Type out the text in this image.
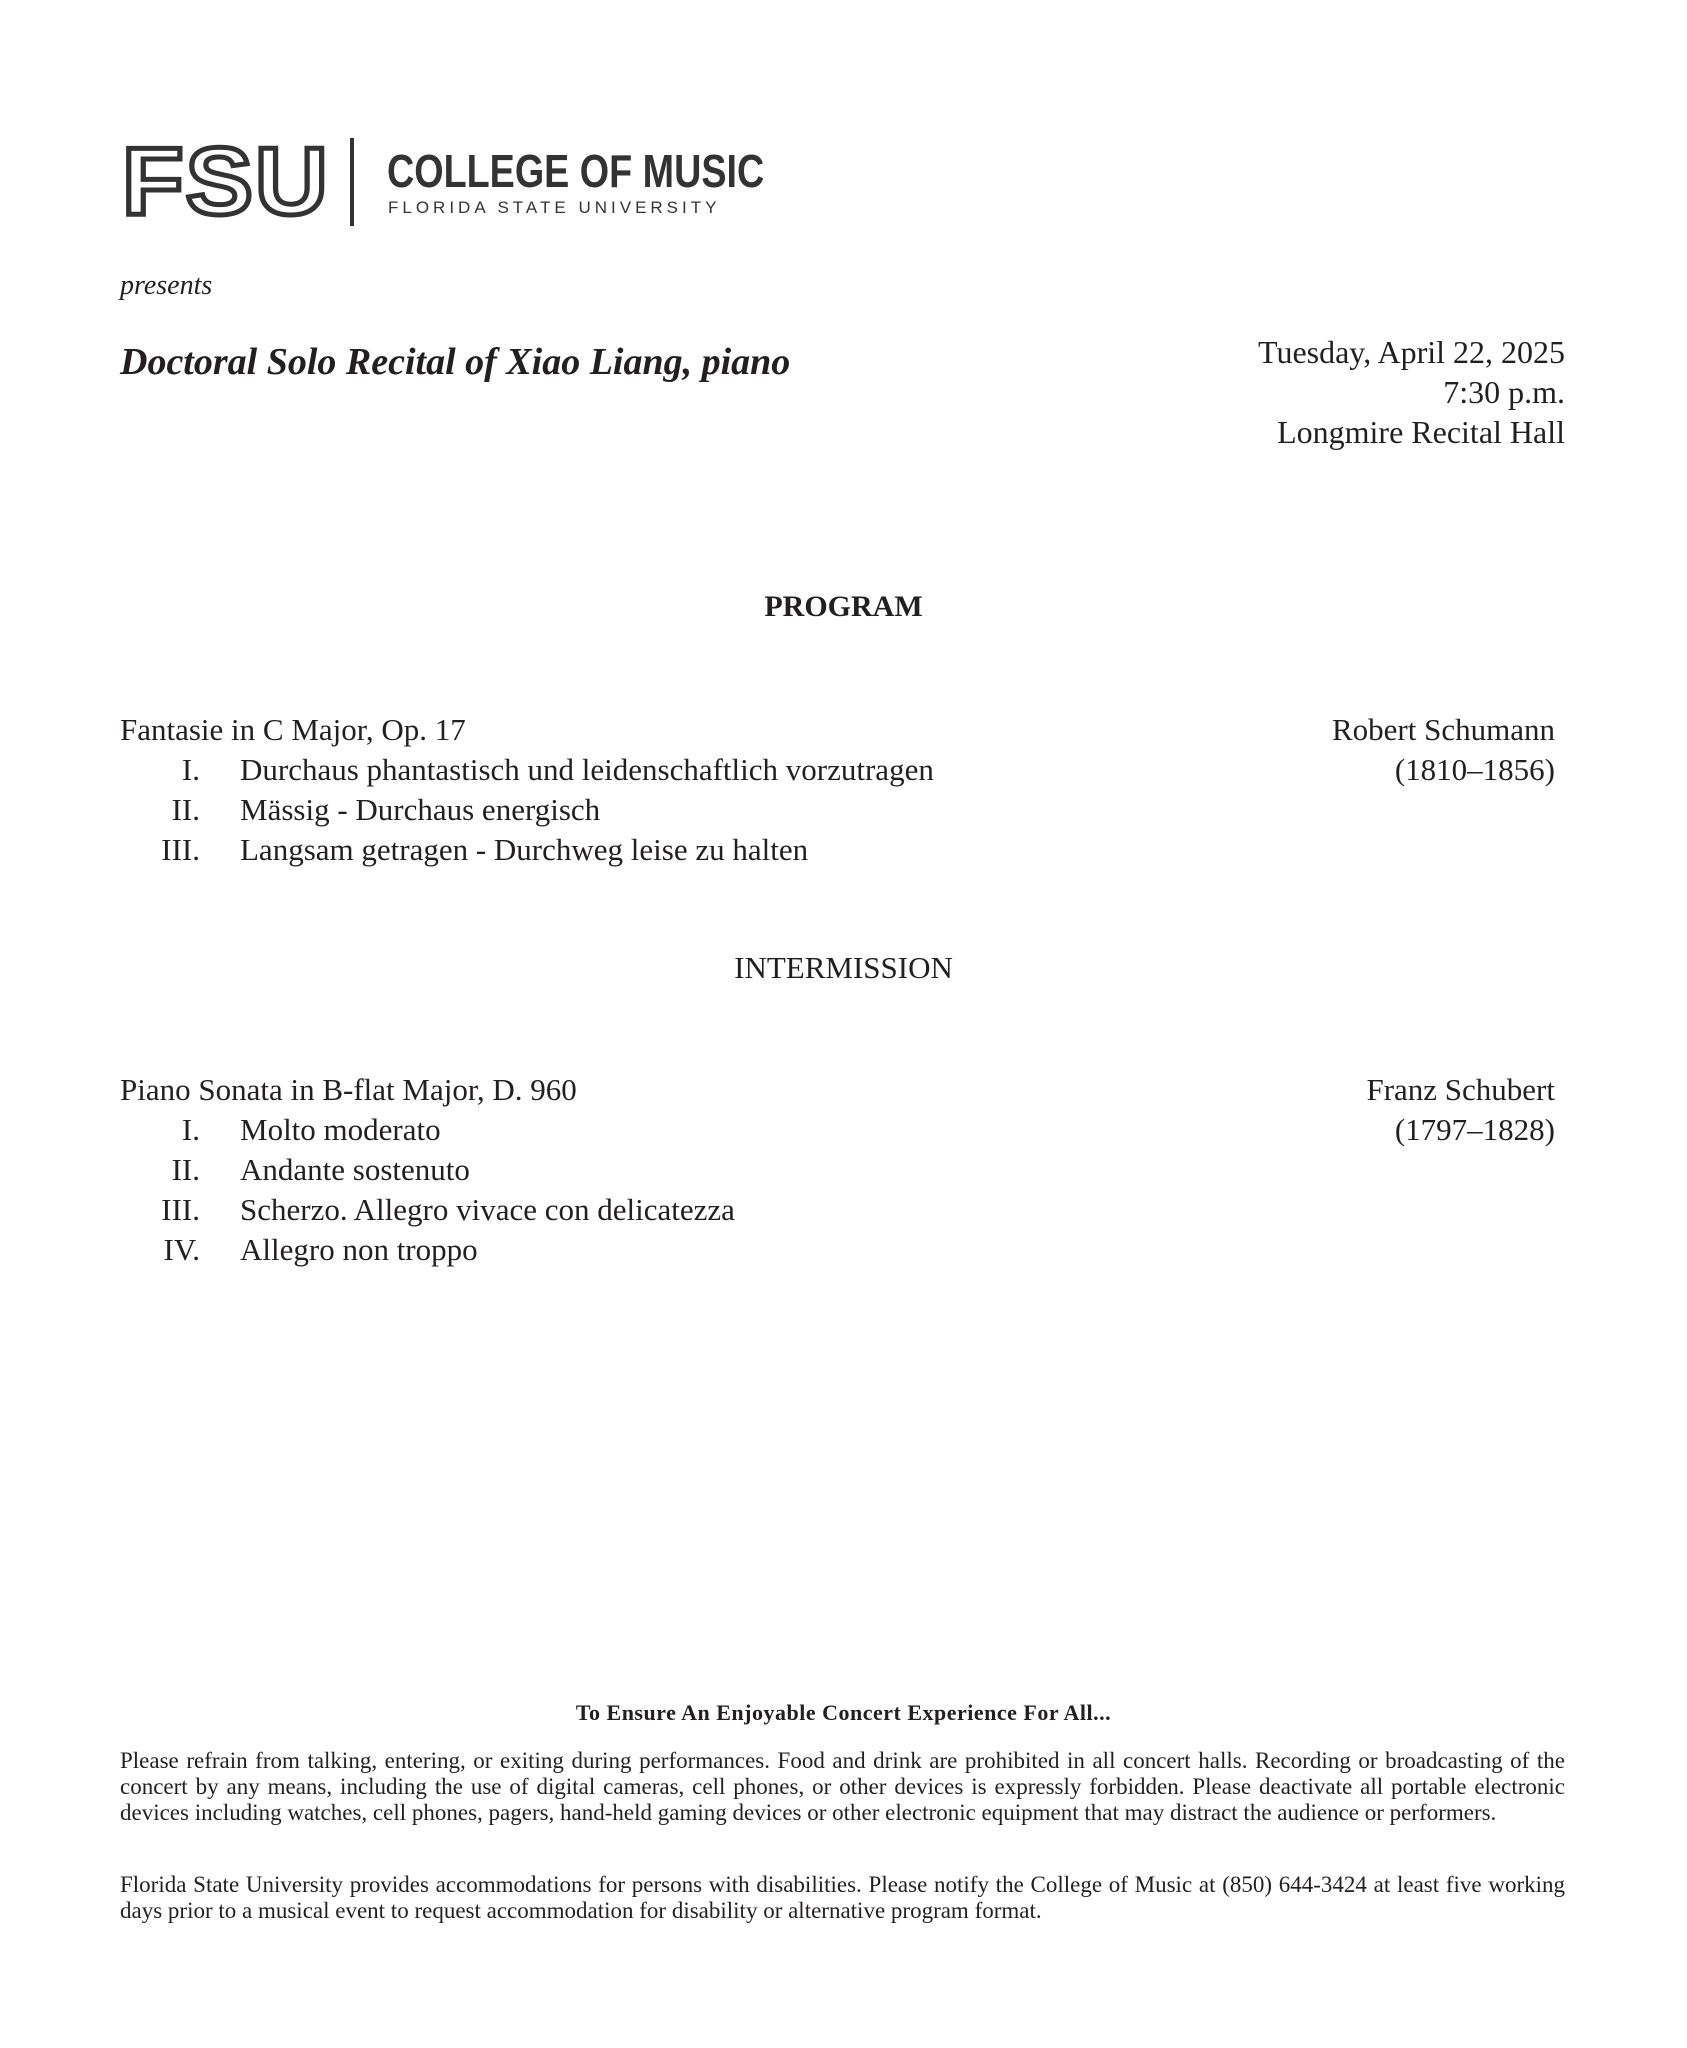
FSU COLLEGE OF MUSIC
FLORIDA STATE UNIVERSITY
presents
Doctoral Solo Recital of Xiao Liang, piano	Tuesday, April 22, 2025
7:30 p.m.
Longmire Recital Hall
PROGRAM
Fantasie in C Major, Op. 17	Robert Schumann
I. Durchaus phantastisch und leidenschaftlich vorzutragen	(1810–1856)
II. Mässig - Durchaus energisch
III. Langsam getragen - Durchweg leise zu halten
INTERMISSION
Piano Sonata in B-flat Major, D. 960	Franz Schubert
I. Molto moderato	(1797–1828)
II. Andante sostenuto
III. Scherzo. Allegro vivace con delicatezza
IV. Allegro non troppo
To Ensure An Enjoyable Concert Experience For All...

Please refrain from talking, entering, or exiting during performances. Food and drink are prohibited in all concert halls. Recording or broadcasting of the concert by any means, including the use of digital cameras, cell phones, or other devices is expressly forbidden. Please deactivate all portable electronic devices including watches, cell phones, pagers, hand-held gaming devices or other electronic equipment that may distract the audience or performers.

Florida State University provides accommodations for persons with disabilities. Please notify the College of Music at (850) 644-3424 at least five working days prior to a musical event to request accommodation for disability or alternative program format.
